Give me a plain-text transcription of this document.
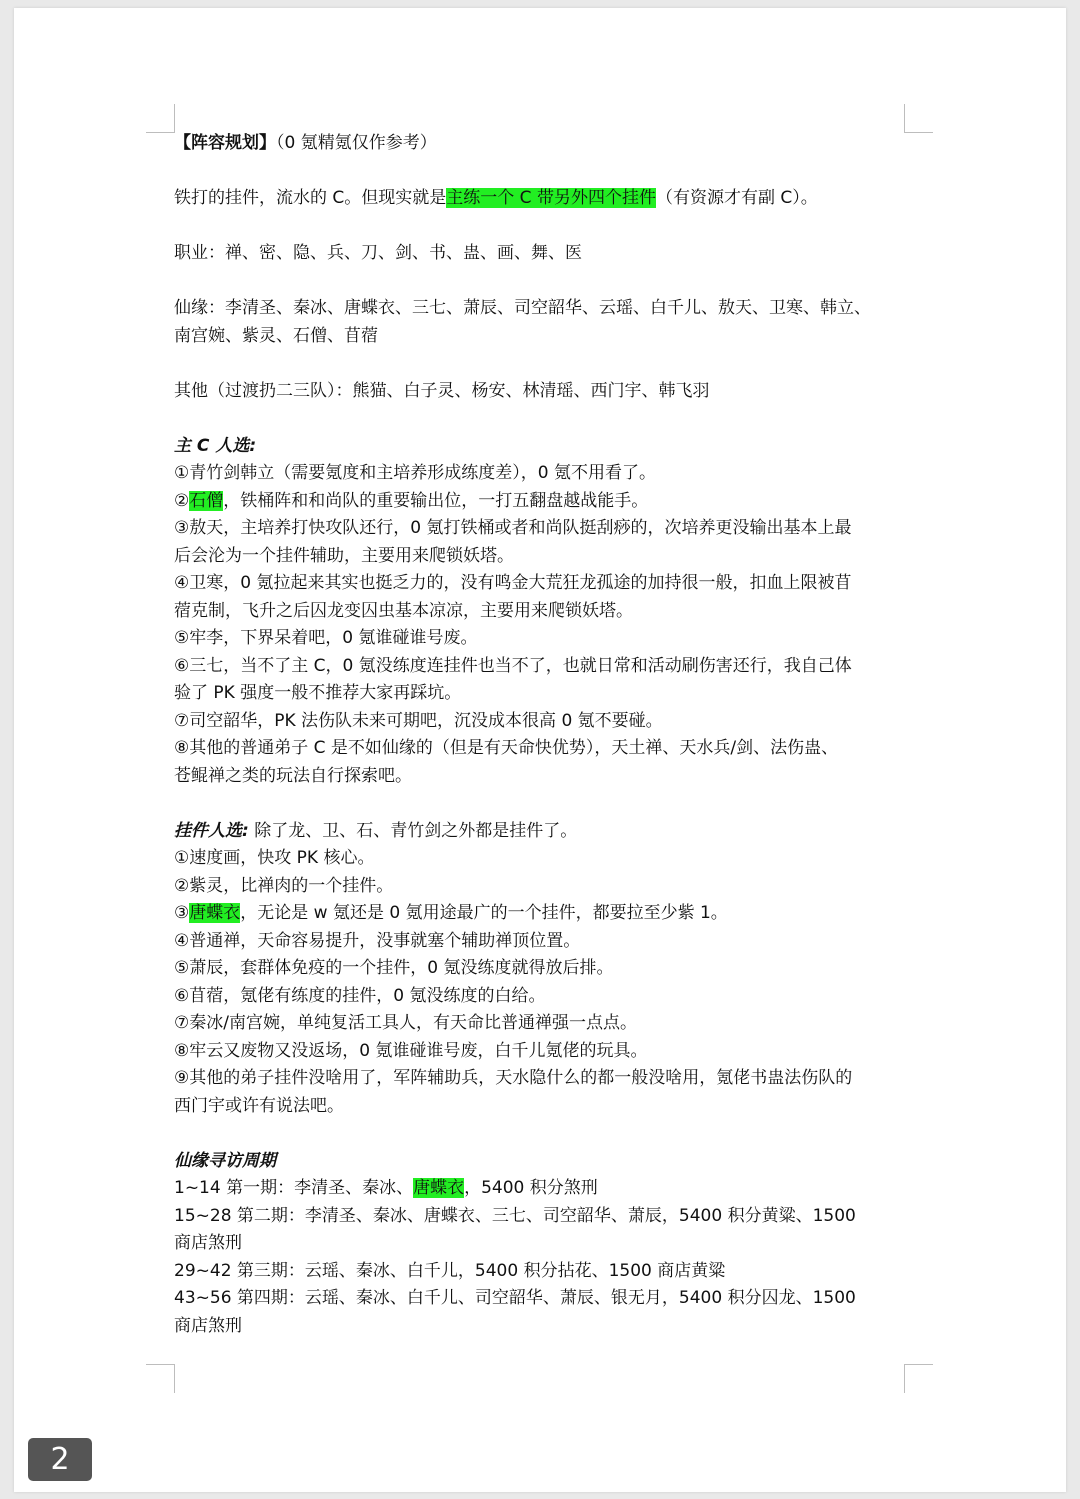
【阵容规划】（0 氪精氪仅作参考）
铁打的挂件，流水的 C。但现实就是主练一个 C 带另外四个挂件（有资源才有副 C）。
职业：禅、密、隐、兵、刀、剑、书、蛊、画、舞、医
仙缘：李清圣、秦冰、唐蝶衣、三七、萧辰、司空韶华、云瑶、白千儿、敖天、卫寒、韩立、
南宫婉、紫灵、石僧、苜蓿
其他（过渡扔二三队）：熊猫、白子灵、杨安、林清瑶、西门宇、韩飞羽
主 C 人选:
①青竹剑韩立（需要氪度和主培养形成练度差），0 氪不用看了。
②石僧，铁桶阵和和尚队的重要输出位，一打五翻盘越战能手。
③敖天，主培养打快攻队还行，0 氪打铁桶或者和尚队挺刮痧的，次培养更没输出基本上最
后会沦为一个挂件辅助，主要用来爬锁妖塔。
④卫寒，0 氪拉起来其实也挺乏力的，没有鸣金大荒狂龙孤途的加持很一般，扣血上限被苜
蓿克制，飞升之后囚龙变囚虫基本凉凉，主要用来爬锁妖塔。
⑤牢李，下界呆着吧，0 氪谁碰谁号废。
⑥三七，当不了主 C，0 氪没练度连挂件也当不了，也就日常和活动刷伤害还行，我自己体
验了 PK 强度一般不推荐大家再踩坑。
⑦司空韶华，PK 法伤队未来可期吧，沉没成本很高 0 氪不要碰。
⑧其他的普通弟子 C 是不如仙缘的（但是有天命快优势），天土禅、天水兵/剑、法伤蛊、
苍鲲禅之类的玩法自行探索吧。
挂件人选: 除了龙、卫、石、青竹剑之外都是挂件了。
①速度画，快攻 PK 核心。
②紫灵，比禅肉的一个挂件。
③唐蝶衣，无论是 w 氪还是 0 氪用途最广的一个挂件，都要拉至少紫 1。
④普通禅，天命容易提升，没事就塞个辅助禅顶位置。
⑤萧辰，套群体免疫的一个挂件，0 氪没练度就得放后排。
⑥苜蓿，氪佬有练度的挂件，0 氪没练度的白给。
⑦秦冰/南宫婉，单纯复活工具人，有天命比普通禅强一点点。
⑧牢云又废物又没返场，0 氪谁碰谁号废，白千儿氪佬的玩具。
⑨其他的弟子挂件没啥用了，军阵辅助兵，天水隐什么的都一般没啥用，氪佬书蛊法伤队的
西门宇或许有说法吧。
仙缘寻访周期
1~14 第一期：李清圣、秦冰、唐蝶衣，5400 积分煞刑
15~28 第二期：李清圣、秦冰、唐蝶衣、三七、司空韶华、萧辰，5400 积分黄粱、1500
商店煞刑
29~42 第三期：云瑶、秦冰、白千儿，5400 积分拈花、1500 商店黄粱
43~56 第四期：云瑶、秦冰、白千儿、司空韶华、萧辰、银无月，5400 积分囚龙、1500
商店煞刑
2
